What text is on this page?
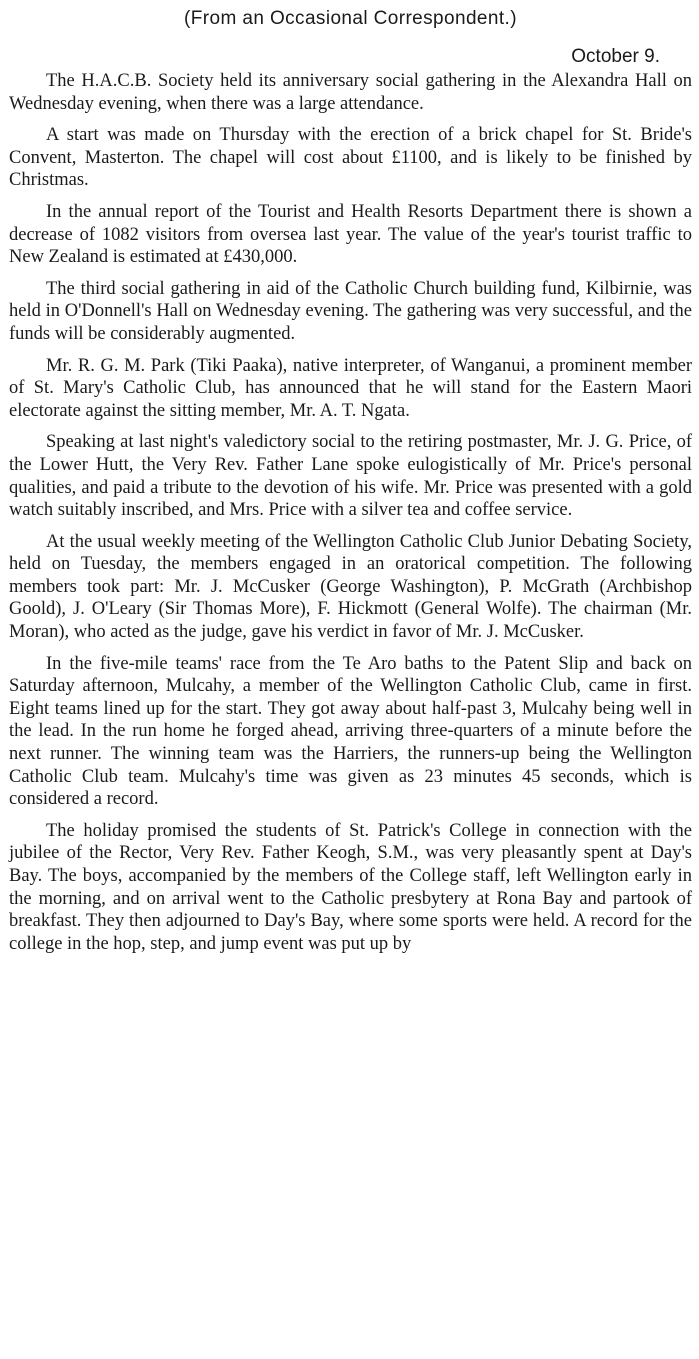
(From an Occasional Correspondent.)
October 9.

The H.A.C.B. Society held its anniversary social gathering in the Alexandra Hall on Wednesday evening, when there was a large attendance.

A start was made on Thursday with the erection of a brick chapel for St. Bride's Convent, Masterton. The chapel will cost about £1100, and is likely to be finished by Christmas.

In the annual report of the Tourist and Health Resorts Department there is shown a decrease of 1082 visitors from oversea last year. The value of the year's tourist traffic to New Zealand is estimated at £430,000.

The third social gathering in aid of the Catholic Church building fund, Kilbirnie, was held in O'Donnell's Hall on Wednesday evening. The gathering was very successful, and the funds will be considerably augmented.

Mr. R. G. M. Park (Tiki Paaka), native interpreter, of Wanganui, a prominent member of St. Mary's Catholic Club, has announced that he will stand for the Eastern Maori electorate against the sitting member, Mr. A. T. Ngata.

Speaking at last night's valedictory social to the retiring postmaster, Mr. J. G. Price, of the Lower Hutt, the Very Rev. Father Lane spoke eulogistically of Mr. Price's personal qualities, and paid a tribute to the devotion of his wife. Mr. Price was presented with a gold watch suitably inscribed, and Mrs. Price with a silver tea and coffee service.

At the usual weekly meeting of the Wellington Catholic Club Junior Debating Society, held on Tuesday, the members engaged in an oratorical competition. The following members took part: Mr. J. McCusker (George Washington), P. McGrath (Archbishop Goold), J. O'Leary (Sir Thomas More), F. Hickmott (General Wolfe). The chairman (Mr. Moran), who acted as the judge, gave his verdict in favor of Mr. J. McCusker.

In the five-mile teams' race from the Te Aro baths to the Patent Slip and back on Saturday afternoon, Mulcahy, a member of the Wellington Catholic Club, came in first. Eight teams lined up for the start. They got away about half-past 3, Mulcahy being well in the lead. In the run home he forged ahead, arriving three-quarters of a minute before the next runner. The winning team was the Harriers, the runners-up being the Wellington Catholic Club team. Mulcahy's time was given as 23 minutes 45 seconds, which is considered a record.

The holiday promised the students of St. Patrick's College in connection with the jubilee of the Rector, Very Rev. Father Keogh, S.M., was very pleasantly spent at Day's Bay. The boys, accompanied by the members of the College staff, left Wellington early in the morning, and on arrival went to the Catholic presbytery at Rona Bay and partook of breakfast. They then adjourned to Day's Bay, where some sports were held. A record for the college in the hop, step, and jump event was put up by
